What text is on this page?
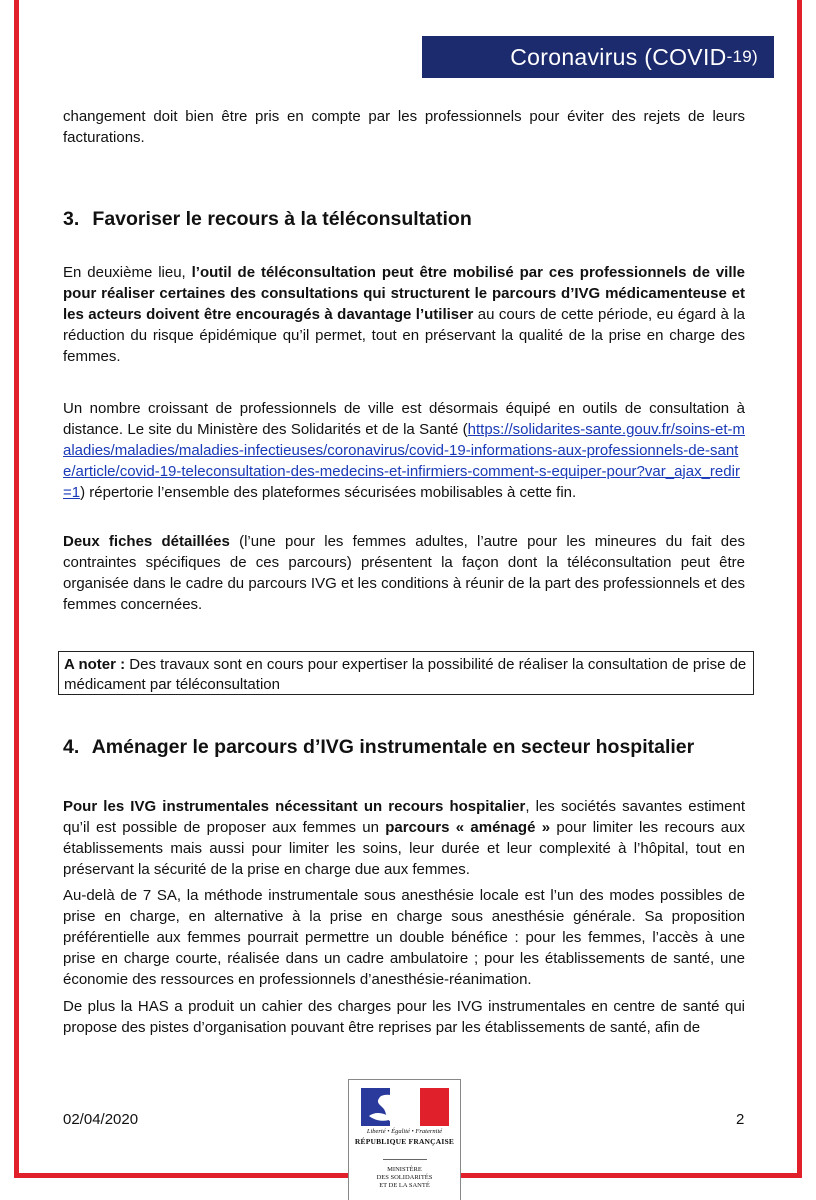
Coronavirus (COVID -19)

changement doit bien être pris en compte par les professionnels pour éviter des rejets de leurs facturations.

3. Favoriser le recours à la téléconsultation

En deuxième lieu, l’outil de téléconsultation peut être mobilisé par ces professionnels de ville pour réaliser certaines des consultations qui structurent le parcours d’IVG médicamenteuse et les acteurs doivent être encouragés à davantage l’utiliser au cours de cette période, eu égard à la réduction du risque épidémique qu’il permet, tout en préservant la qualité de la prise en charge des femmes.

Un nombre croissant de professionnels de ville est désormais équipé en outils de consultation à distance. Le site du Ministère des Solidarités et de la Santé (https://solidarites-sante.gouv.fr/soins-et-maladies/maladies/maladies-infectieuses/coronavirus/covid-19-informations-aux-professionnels-de-sante/article/covid-19-teleconsultation-des-medecins-et-infirmiers-comment-s-equiper-pour?var_ajax_redir=1) répertorie l’ensemble des plateformes sécurisées mobilisables à cette fin.

Deux fiches détaillées (l’une pour les femmes adultes, l’autre pour les mineures du fait des contraintes spécifiques de ces parcours) présentent la façon dont la téléconsultation peut être organisée dans le cadre du parcours IVG et les conditions à réunir de la part des professionnels et des femmes concernées.

A noter : Des travaux sont en cours pour expertiser la possibilité de réaliser la consultation de prise de médicament par téléconsultation
4. Aménager le parcours d’IVG instrumentale en secteur hospitalier

Pour les IVG instrumentales nécessitant un recours hospitalier, les sociétés savantes estiment qu’il est possible de proposer aux femmes un parcours « aménagé » pour limiter les recours aux établissements mais aussi pour limiter les soins, leur durée et leur complexité à l’hôpital, tout en préservant la sécurité de la prise en charge due aux femmes.

Au-delà de 7 SA, la méthode instrumentale sous anesthésie locale est l’un des modes possibles de prise en charge, en alternative à la prise en charge sous anesthésie générale. Sa proposition préférentielle aux femmes pourrait permettre un double bénéfice : pour les femmes, l’accès à une prise en charge courte, réalisée dans un cadre ambulatoire ; pour les établissements de santé, une économie des ressources en professionnels d’anesthésie-réanimation.

De plus la HAS a produit un cahier des charges pour les IVG instrumentales en centre de santé qui propose des pistes d’organisation pouvant être reprises par les établissements de santé, afin de

02/04/2020	2
Liberté • Égalité • Fraternité
RÉPUBLIQUE FRANÇAISE
MINISTÈRE
DES SOLIDARITÉS
ET DE LA SANTÉ
